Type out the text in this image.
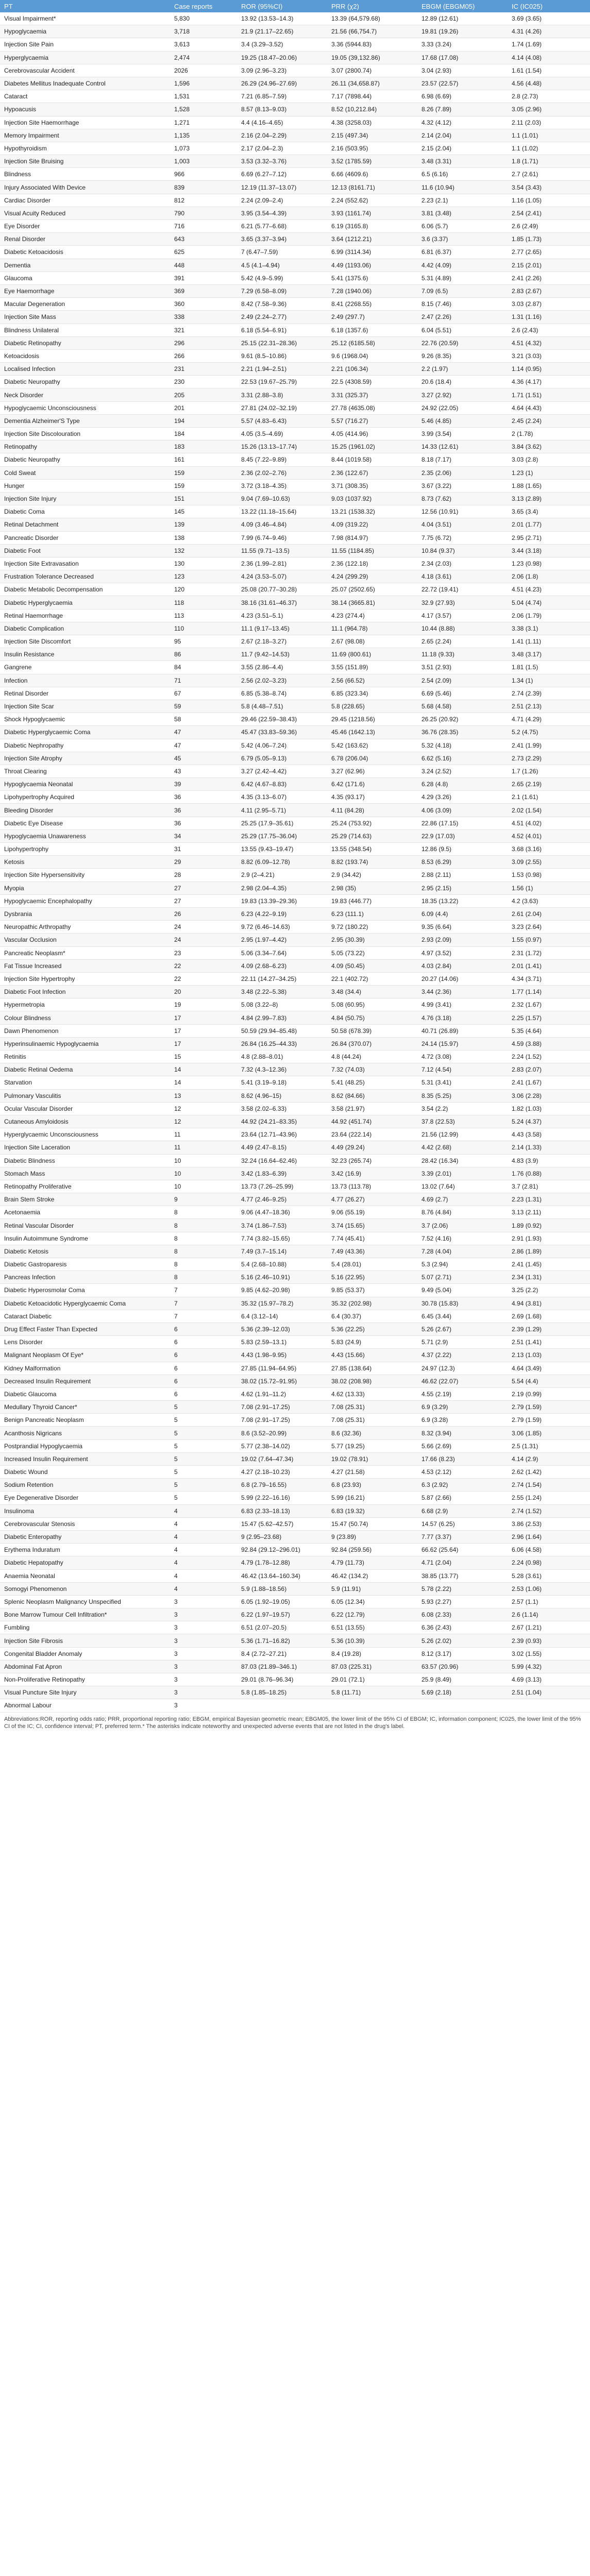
PT	Case reports	ROR (95%CI)	PRR (χ2)	EBGM (EBGM05)	IC (IC025)
Visual Impairment*	5,830	13.92 (13.53–14.3)	13.39 (64,579.68)	12.89 (12.61)	3.69 (3.65)
Hypoglycaemia	3,718	21.9 (21.17–22.65)	21.56 (66,754.7)	19.81 (19.26)	4.31 (4.26)
Injection Site Pain	3,613	3.4 (3.29–3.52)	3.36 (5944.83)	3.33 (3.24)	1.74 (1.69)
Hyperglycaemia	2,474	19.25 (18.47–20.06)	19.05 (39,132.86)	17.68 (17.08)	4.14 (4.08)
Cerebrovascular Accident	2026	3.09 (2.96–3.23)	3.07 (2800.74)	3.04 (2.93)	1.61 (1.54)
Diabetes Mellitus Inadequate Control	1,596	26.29 (24.96–27.69)	26.11 (34,658.87)	23.57 (22.57)	4.56 (4.48)
Cataract	1,531	7.21 (6.85–7.59)	7.17 (7898.44)	6.98 (6.69)	2.8 (2.73)
Hypoacusis	1,528	8.57 (8.13–9.03)	8.52 (10,212.84)	8.26 (7.89)	3.05 (2.96)
Injection Site Haemorrhage	1,271	4.4 (4.16–4.65)	4.38 (3258.03)	4.32 (4.12)	2.11 (2.03)
Memory Impairment	1,135	2.16 (2.04–2.29)	2.15 (497.34)	2.14 (2.04)	1.1 (1.01)
Hypothyroidism	1,073	2.17 (2.04–2.3)	2.16 (503.95)	2.15 (2.04)	1.1 (1.02)
Injection Site Bruising	1,003	3.53 (3.32–3.76)	3.52 (1785.59)	3.48 (3.31)	1.8 (1.71)
Blindness	966	6.69 (6.27–7.12)	6.66 (4609.6)	6.5 (6.16)	2.7 (2.61)
Injury Associated With Device	839	12.19 (11.37–13.07)	12.13 (8161.71)	11.6 (10.94)	3.54 (3.43)
Cardiac Disorder	812	2.24 (2.09–2.4)	2.24 (552.62)	2.23 (2.1)	1.16 (1.05)
Visual Acuity Reduced	790	3.95 (3.54–4.39)	3.93 (1161.74)	3.81 (3.48)	2.54 (2.41)
Eye Disorder	716	6.21 (5.77–6.68)	6.19 (3165.8)	6.06 (5.7)	2.6 (2.49)
Renal Disorder	643	3.65 (3.37–3.94)	3.64 (1212.21)	3.6 (3.37)	1.85 (1.73)
Diabetic Ketoacidosis	625	7 (6.47–7.59)	6.99 (3114.34)	6.81 (6.37)	2.77 (2.65)
Dementia	448	4.5 (4.1–4.94)	4.49 (1193.06)	4.42 (4.09)	2.15 (2.01)
Glaucoma	391	5.42 (4.9–5.99)	5.41 (1375.6)	5.31 (4.89)	2.41 (2.26)
Eye Haemorrhage	369	7.29 (6.58–8.09)	7.28 (1940.06)	7.09 (6.5)	2.83 (2.67)
Macular Degeneration	360	8.42 (7.58–9.36)	8.41 (2268.55)	8.15 (7.46)	3.03 (2.87)
Injection Site Mass	338	2.49 (2.24–2.77)	2.49 (297.7)	2.47 (2.26)	1.31 (1.16)
Blindness Unilateral	321	6.18 (5.54–6.91)	6.18 (1357.6)	6.04 (5.51)	2.6 (2.43)
Diabetic Retinopathy	296	25.15 (22.31–28.36)	25.12 (6185.58)	22.76 (20.59)	4.51 (4.32)
Ketoacidosis	266	9.61 (8.5–10.86)	9.6 (1968.04)	9.26 (8.35)	3.21 (3.03)
Localised Infection	231	2.21 (1.94–2.51)	2.21 (106.34)	2.2 (1.97)	1.14 (0.95)
Diabetic Neuropathy	230	22.53 (19.67–25.79)	22.5 (4308.59)	20.6 (18.4)	4.36 (4.17)
Neck Disorder	205	3.31 (2.88–3.8)	3.31 (325.37)	3.27 (2.92)	1.71 (1.51)
Hypoglycaemic Unconsciousness	201	27.81 (24.02–32.19)	27.78 (4635.08)	24.92 (22.05)	4.64 (4.43)
Dementia Alzheimer'S Type	194	5.57 (4.83–6.43)	5.57 (716.27)	5.46 (4.85)	2.45 (2.24)
Injection Site Discolouration	184	4.05 (3.5–4.69)	4.05 (414.96)	3.99 (3.54)	2 (1.78)
Retinopathy	183	15.26 (13.13–17.74)	15.25 (1961.02)	14.33 (12.61)	3.84 (3.62)
Diabetic Neuropathy	161	8.45 (7.22–9.89)	8.44 (1019.58)	8.18 (7.17)	3.03 (2.8)
Cold Sweat	159	2.36 (2.02–2.76)	2.36 (122.67)	2.35 (2.06)	1.23 (1)
Hunger	159	3.72 (3.18–4.35)	3.71 (308.35)	3.67 (3.22)	1.88 (1.65)
Injection Site Injury	151	9.04 (7.69–10.63)	9.03 (1037.92)	8.73 (7.62)	3.13 (2.89)
Diabetic Coma	145	13.22 (11.18–15.64)	13.21 (1538.32)	12.56 (10.91)	3.65 (3.4)
Retinal Detachment	139	4.09 (3.46–4.84)	4.09 (319.22)	4.04 (3.51)	2.01 (1.77)
Pancreatic Disorder	138	7.99 (6.74–9.46)	7.98 (814.97)	7.75 (6.72)	2.95 (2.71)
Diabetic Foot	132	11.55 (9.71–13.5)	11.55 (1184.85)	10.84 (9.37)	3.44 (3.18)
Injection Site Extravasation	130	2.36 (1.99–2.81)	2.36 (122.18)	2.34 (2.03)	1.23 (0.98)
Frustration Tolerance Decreased	123	4.24 (3.53–5.07)	4.24 (299.29)	4.18 (3.61)	2.06 (1.8)
Diabetic Metabolic Decompensation	120	25.08 (20.77–30.28)	25.07 (2502.65)	22.72 (19.41)	4.51 (4.23)
Diabetic Hyperglycaemia	118	38.16 (31.61–46.37)	38.14 (3665.81)	32.9 (27.93)	5.04 (4.74)
Retinal Haemorrhage	113	4.23 (3.51–5.1)	4.23 (274.4)	4.17 (3.57)	2.06 (1.79)
Diabetic Complication	110	11.1 (9.17–13.45)	11.1 (964.78)	10.44 (8.88)	3.38 (3.1)
Injection Site Discomfort	95	2.67 (2.18–3.27)	2.67 (98.08)	2.65 (2.24)	1.41 (1.11)
Insulin Resistance	86	11.7 (9.42–14.53)	11.69 (800.61)	11.18 (9.33)	3.48 (3.17)
Gangrene	84	3.55 (2.86–4.4)	3.55 (151.89)	3.51 (2.93)	1.81 (1.5)
Infection	71	2.56 (2.02–3.23)	2.56 (66.52)	2.54 (2.09)	1.34 (1)
Retinal Disorder	67	6.85 (5.38–8.74)	6.85 (323.34)	6.69 (5.46)	2.74 (2.39)
Injection Site Scar	59	5.8 (4.48–7.51)	5.8 (228.65)	5.68 (4.58)	2.51 (2.13)
Shock Hypoglycaemic	58	29.46 (22.59–38.43)	29.45 (1218.56)	26.25 (20.92)	4.71 (4.29)
Diabetic Hyperglycaemic Coma	47	45.47 (33.83–59.36)	45.46 (1642.13)	36.76 (28.35)	5.2 (4.75)
Diabetic Nephropathy	47	5.42 (4.06–7.24)	5.42 (163.62)	5.32 (4.18)	2.41 (1.99)
Injection Site Atrophy	45	6.79 (5.05–9.13)	6.78 (206.04)	6.62 (5.16)	2.73 (2.29)
Throat Clearing	43	3.27 (2.42–4.42)	3.27 (62.96)	3.24 (2.52)	1.7 (1.26)
Hypoglycaemia Neonatal	39	6.42 (4.67–8.83)	6.42 (171.6)	6.28 (4.8)	2.65 (2.19)
Lipohypertrophy Acquired	36	4.35 (3.13–6.07)	4.35 (93.17)	4.29 (3.26)	2.1 (1.61)
Bleeding Disorder	36	4.11 (2.95–5.71)	4.11 (84.28)	4.06 (3.09)	2.02 (1.54)
Diabetic Eye Disease	36	25.25 (17.9–35.61)	25.24 (753.92)	22.86 (17.15)	4.51 (4.02)
Hypoglycaemia Unawareness	34	25.29 (17.75–36.04)	25.29 (714.63)	22.9 (17.03)	4.52 (4.01)
Lipohypertrophy	31	13.55 (9.43–19.47)	13.55 (348.54)	12.86 (9.5)	3.68 (3.16)
Ketosis	29	8.82 (6.09–12.78)	8.82 (193.74)	8.53 (6.29)	3.09 (2.55)
Injection Site Hypersensitivity	28	2.9 (2–4.21)	2.9 (34.42)	2.88 (2.11)	1.53 (0.98)
Myopia	27	2.98 (2.04–4.35)	2.98 (35)	2.95 (2.15)	1.56 (1)
Hypoglycaemic Encephalopathy	27	19.83 (13.39–29.36)	19.83 (446.77)	18.35 (13.22)	4.2 (3.63)
Dysbrania	26	6.23 (4.22–9.19)	6.23 (111.1)	6.09 (4.4)	2.61 (2.04)
Neuropathic Arthropathy	24	9.72 (6.46–14.63)	9.72 (180.22)	9.35 (6.64)	3.23 (2.64)
Vascular Occlusion	24	2.95 (1.97–4.42)	2.95 (30.39)	2.93 (2.09)	1.55 (0.97)
Pancreatic Neoplasm*	23	5.06 (3.34–7.64)	5.05 (73.22)	4.97 (3.52)	2.31 (1.72)
Fat Tissue Increased	22	4.09 (2.68–6.23)	4.09 (50.45)	4.03 (2.84)	2.01 (1.41)
Injection Site Hypertrophy	22	22.11 (14.27–34.25)	22.1 (402.72)	20.27 (14.06)	4.34 (3.71)
Diabetic Foot Infection	20	3.48 (2.22–5.38)	3.48 (34.4)	3.44 (2.36)	1.77 (1.14)
Hypermetropia	19	5.08 (3.22–8)	5.08 (60.95)	4.99 (3.41)	2.32 (1.67)
Colour Blindness	17	4.84 (2.99–7.83)	4.84 (50.75)	4.76 (3.18)	2.25 (1.57)
Dawn Phenomenon	17	50.59 (29.94–85.48)	50.58 (678.39)	40.71 (26.89)	5.35 (4.64)
Hyperinsulinaemic Hypoglycaemia	17	26.84 (16.25–44.33)	26.84 (370.07)	24.14 (15.97)	4.59 (3.88)
Retinitis	15	4.8 (2.88–8.01)	4.8 (44.24)	4.72 (3.08)	2.24 (1.52)
Diabetic Retinal Oedema	14	7.32 (4.3–12.36)	7.32 (74.03)	7.12 (4.54)	2.83 (2.07)
Starvation	14	5.41 (3.19–9.18)	5.41 (48.25)	5.31 (3.41)	2.41 (1.67)
Pulmonary Vasculitis	13	8.62 (4.96–15)	8.62 (84.66)	8.35 (5.25)	3.06 (2.28)
Ocular Vascular Disorder	12	3.58 (2.02–6.33)	3.58 (21.97)	3.54 (2.2)	1.82 (1.03)
Cutaneous Amyloidosis	12	44.92 (24.21–83.35)	44.92 (451.74)	37.8 (22.53)	5.24 (4.37)
Hyperglycaemic Unconsciousness	11	23.64 (12.71–43.96)	23.64 (222.14)	21.56 (12.99)	4.43 (3.58)
Injection Site Laceration	11	4.49 (2.47–8.15)	4.49 (29.24)	4.42 (2.68)	2.14 (1.33)
Diabetic Blindness	10	32.24 (16.64–62.46)	32.23 (265.74)	28.42 (16.34)	4.83 (3.9)
Stomach Mass	10	3.42 (1.83–6.39)	3.42 (16.9)	3.39 (2.01)	1.76 (0.88)
Retinopathy Proliferative	10	13.73 (7.26–25.99)	13.73 (113.78)	13.02 (7.64)	3.7 (2.81)
Brain Stem Stroke	9	4.77 (2.46–9.25)	4.77 (26.27)	4.69 (2.7)	2.23 (1.31)
Acetonaemia	8	9.06 (4.47–18.36)	9.06 (55.19)	8.76 (4.84)	3.13 (2.11)
Retinal Vascular Disorder	8	3.74 (1.86–7.53)	3.74 (15.65)	3.7 (2.06)	1.89 (0.92)
Insulin Autoimmune Syndrome	8	7.74 (3.82–15.65)	7.74 (45.41)	7.52 (4.16)	2.91 (1.93)
Diabetic Ketosis	8	7.49 (3.7–15.14)	7.49 (43.36)	7.28 (4.04)	2.86 (1.89)
Diabetic Gastroparesis	8	5.4 (2.68–10.88)	5.4 (28.01)	5.3 (2.94)	2.41 (1.45)
Pancreas Infection	8	5.16 (2.46–10.91)	5.16 (22.95)	5.07 (2.71)	2.34 (1.31)
Diabetic Hyperosmolar Coma	7	9.85 (4.62–20.98)	9.85 (53.37)	9.49 (5.04)	3.25 (2.2)
Diabetic Ketoacidotic Hyperglycaemic Coma	7	35.32 (15.97–78.2)	35.32 (202.98)	30.78 (15.83)	4.94 (3.81)
Cataract Diabetic	7	6.4 (3.12–14)	6.4 (30.37)	6.45 (3.44)	2.69 (1.68)
Drug Effect Faster Than Expected	6	5.36 (2.39–12.03)	5.36 (22.25)	5.26 (2.67)	2.39 (1.29)
Lens Disorder	6	5.83 (2.59–13.1)	5.83 (24.9)	5.71 (2.9)	2.51 (1.41)
Malignant Neoplasm Of Eye*	6	4.43 (1.98–9.95)	4.43 (15.66)	4.37 (2.22)	2.13 (1.03)
Kidney Malformation	6	27.85 (11.94–64.95)	27.85 (138.64)	24.97 (12.3)	4.64 (3.49)
Decreased Insulin Requirement	6	38.02 (15.72–91.95)	38.02 (208.98)	46.62 (22.07)	5.54 (4.4)
Diabetic Glaucoma	6	4.62 (1.91–11.2)	4.62 (13.33)	4.55 (2.19)	2.19 (0.99)
Medullary Thyroid Cancer*	5	7.08 (2.91–17.25)	7.08 (25.31)	6.9 (3.29)	2.79 (1.59)
Benign Pancreatic Neoplasm	5	7.08 (2.91–17.25)	7.08 (25.31)	6.9 (3.28)	2.79 (1.59)
Acanthosis Nigricans	5	8.6 (3.52–20.99)	8.6 (32.36)	8.32 (3.94)	3.06 (1.85)
Postprandial Hypoglycaemia	5	5.77 (2.38–14.02)	5.77 (19.25)	5.66 (2.69)	2.5 (1.31)
Increased Insulin Requirement	5	19.02 (7.64–47.34)	19.02 (78.91)	17.66 (8.23)	4.14 (2.9)
Diabetic Wound	5	4.27 (2.18–10.23)	4.27 (21.58)	4.53 (2.12)	2.62 (1.42)
Sodium Retention	5	6.8 (2.79–16.55)	6.8 (23.93)	6.3 (2.92)	2.74 (1.54)
Eye Degenerative Disorder	5	5.99 (2.22–16.16)	5.99 (16.21)	5.87 (2.66)	2.55 (1.24)
Insulinoma	4	6.83 (2.33–18.13)	6.83 (19.32)	6.68 (2.9)	2.74 (1.52)
Cerebrovascular Stenosis	4	15.47 (5.62–42.57)	15.47 (50.74)	14.57 (6.25)	3.86 (2.53)
Diabetic Enteropathy	4	9 (2.95–23.68)	9 (23.89)	7.77 (3.37)	2.96 (1.64)
Erythema Induratum	4	92.84 (29.12–296.01)	92.84 (259.56)	66.62 (25.64)	6.06 (4.58)
Diabetic Hepatopathy	4	4.79 (1.78–12.88)	4.79 (11.73)	4.71 (2.04)	2.24 (0.98)
Anaemia Neonatal	4	46.42 (13.64–160.34)	46.42 (134.2)	38.85 (13.77)	5.28 (3.61)
Somogyi Phenomenon	4	5.9 (1.88–18.56)	5.9 (11.91)	5.78 (2.22)	2.53 (1.06)
Splenic Neoplasm Malignancy Unspecified	3	6.05 (1.92–19.05)	6.05 (12.34)	5.93 (2.27)	2.57 (1.1)
Bone Marrow Tumour Cell Infiltration*	3	6.22 (1.97–19.57)	6.22 (12.79)	6.08 (2.33)	2.6 (1.14)
Fumbling	3	6.51 (2.07–20.5)	6.51 (13.55)	6.36 (2.43)	2.67 (1.21)
Injection Site Fibrosis	3	5.36 (1.71–16.82)	5.36 (10.39)	5.26 (2.02)	2.39 (0.93)
Congenital Bladder Anomaly	3	8.4 (2.72–27.21)	8.4 (19.28)	8.12 (3.17)	3.02 (1.55)
Abdominal Fat Apron	3	87.03 (21.89–346.1)	87.03 (225.31)	63.57 (20.96)	5.99 (4.32)
Non-Proliferative Retinopathy	3	29.01 (8.76–96.34)	29.01 (72.1)	25.9 (8.49)	4.69 (3.13)
Visual Puncture Site Injury	3	5.8 (1.85–18.25)	5.8 (11.71)	5.69 (2.18)	2.51 (1.04)
Abnormal Labour	3				
Abbreviations:ROR, reporting odds ratio; PRR, proportional reporting ratio; EBGM, empirical Bayesian geometric mean; EBGM05, the lower limit of the 95% CI of EBGM; IC, information component; IC025, the lower limit of the 95% CI of the IC; CI, confidence interval; PT, preferred term.* The asterisks indicate noteworthy and unexpected adverse events that are not listed in the drug's label.
